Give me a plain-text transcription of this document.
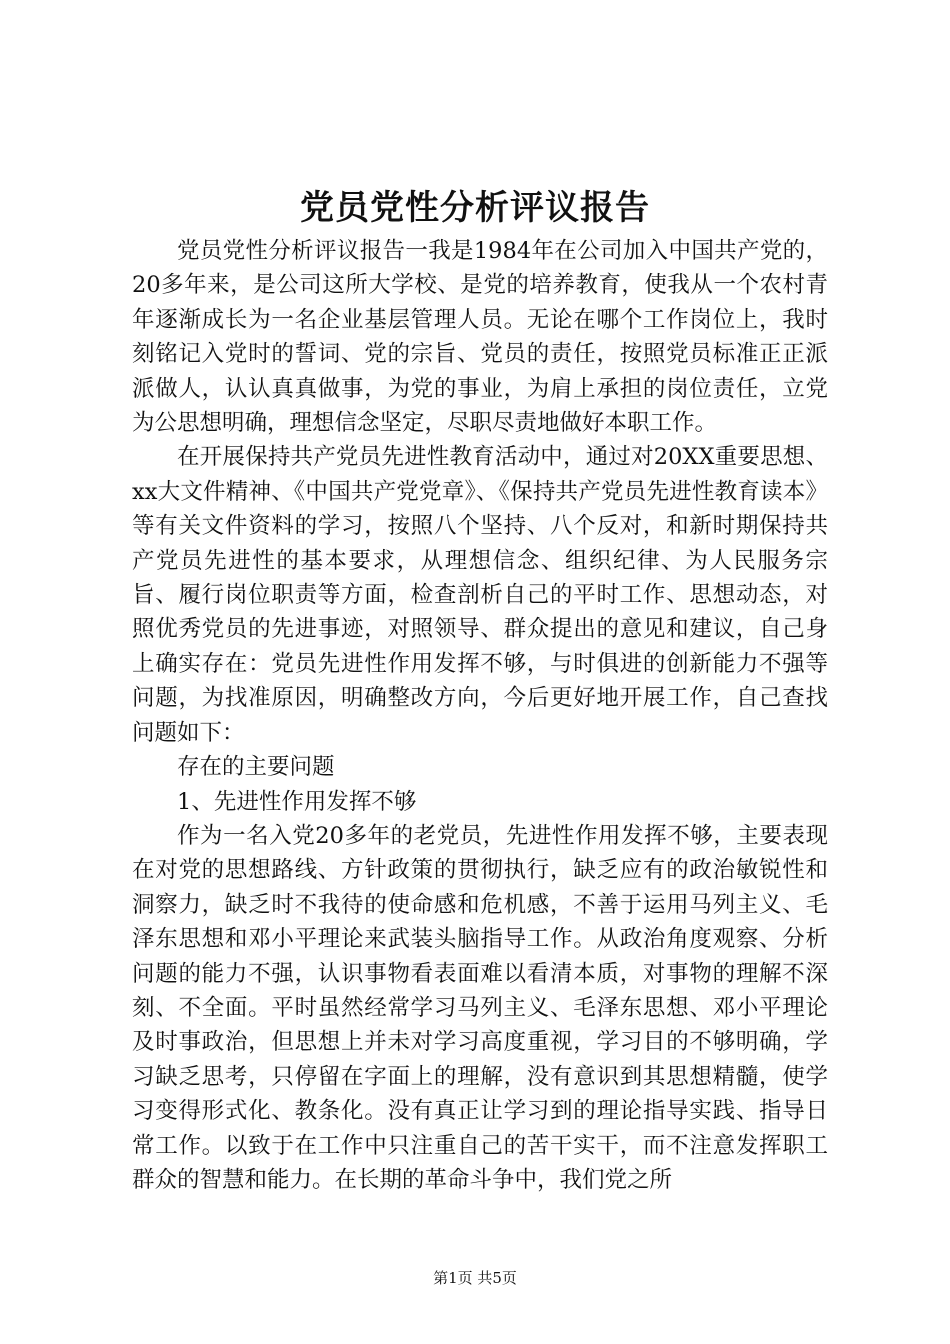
党员党性分析评议报告

党员党性分析评议报告一我是1984年在公司加入中国共产党的，20多年来，是公司这所大学校、是党的培养教育，使我从一个农村青年逐渐成长为一名企业基层管理人员。无论在哪个工作岗位上，我时刻铭记入党时的誓词、党的宗旨、党员的责任，按照党员标准正正派派做人，认认真真做事，为党的事业，为肩上承担的岗位责任，立党为公思想明确，理想信念坚定，尽职尽责地做好本职工作。

在开展保持共产党员先进性教育活动中，通过对20XX重要思想、xx大文件精神、《中国共产党党章》、《保持共产党员先进性教育读本》等有关文件资料的学习，按照八个坚持、八个反对，和新时期保持共产党员先进性的基本要求，从理想信念、组织纪律、为人民服务宗旨、履行岗位职责等方面，检查剖析自己的平时工作、思想动态，对照优秀党员的先进事迹，对照领导、群众提出的意见和建议，自己身上确实存在：党员先进性作用发挥不够，与时俱进的创新能力不强等问题，为找准原因，明确整改方向，今后更好地开展工作，自己查找问题如下：

存在的主要问题

1、先进性作用发挥不够

作为一名入党20多年的老党员，先进性作用发挥不够，主要表现在对党的思想路线、方针政策的贯彻执行，缺乏应有的政治敏锐性和洞察力，缺乏时不我待的使命感和危机感，不善于运用马列主义、毛泽东思想和邓小平理论来武装头脑指导工作。从政治角度观察、分析问题的能力不强，认识事物看表面难以看清本质，对事物的理解不深刻、不全面。平时虽然经常学习马列主义、毛泽东思想、邓小平理论及时事政治，但思想上并未对学习高度重视，学习目的不够明确，学习缺乏思考，只停留在字面上的理解，没有意识到其思想精髓，使学习变得形式化、教条化。没有真正让学习到的理论指导实践、指导日常工作。以致于在工作中只注重自己的苦干实干，而不注意发挥职工群众的智慧和能力。在长期的革命斗争中，我们党之所

第1页 共5页
